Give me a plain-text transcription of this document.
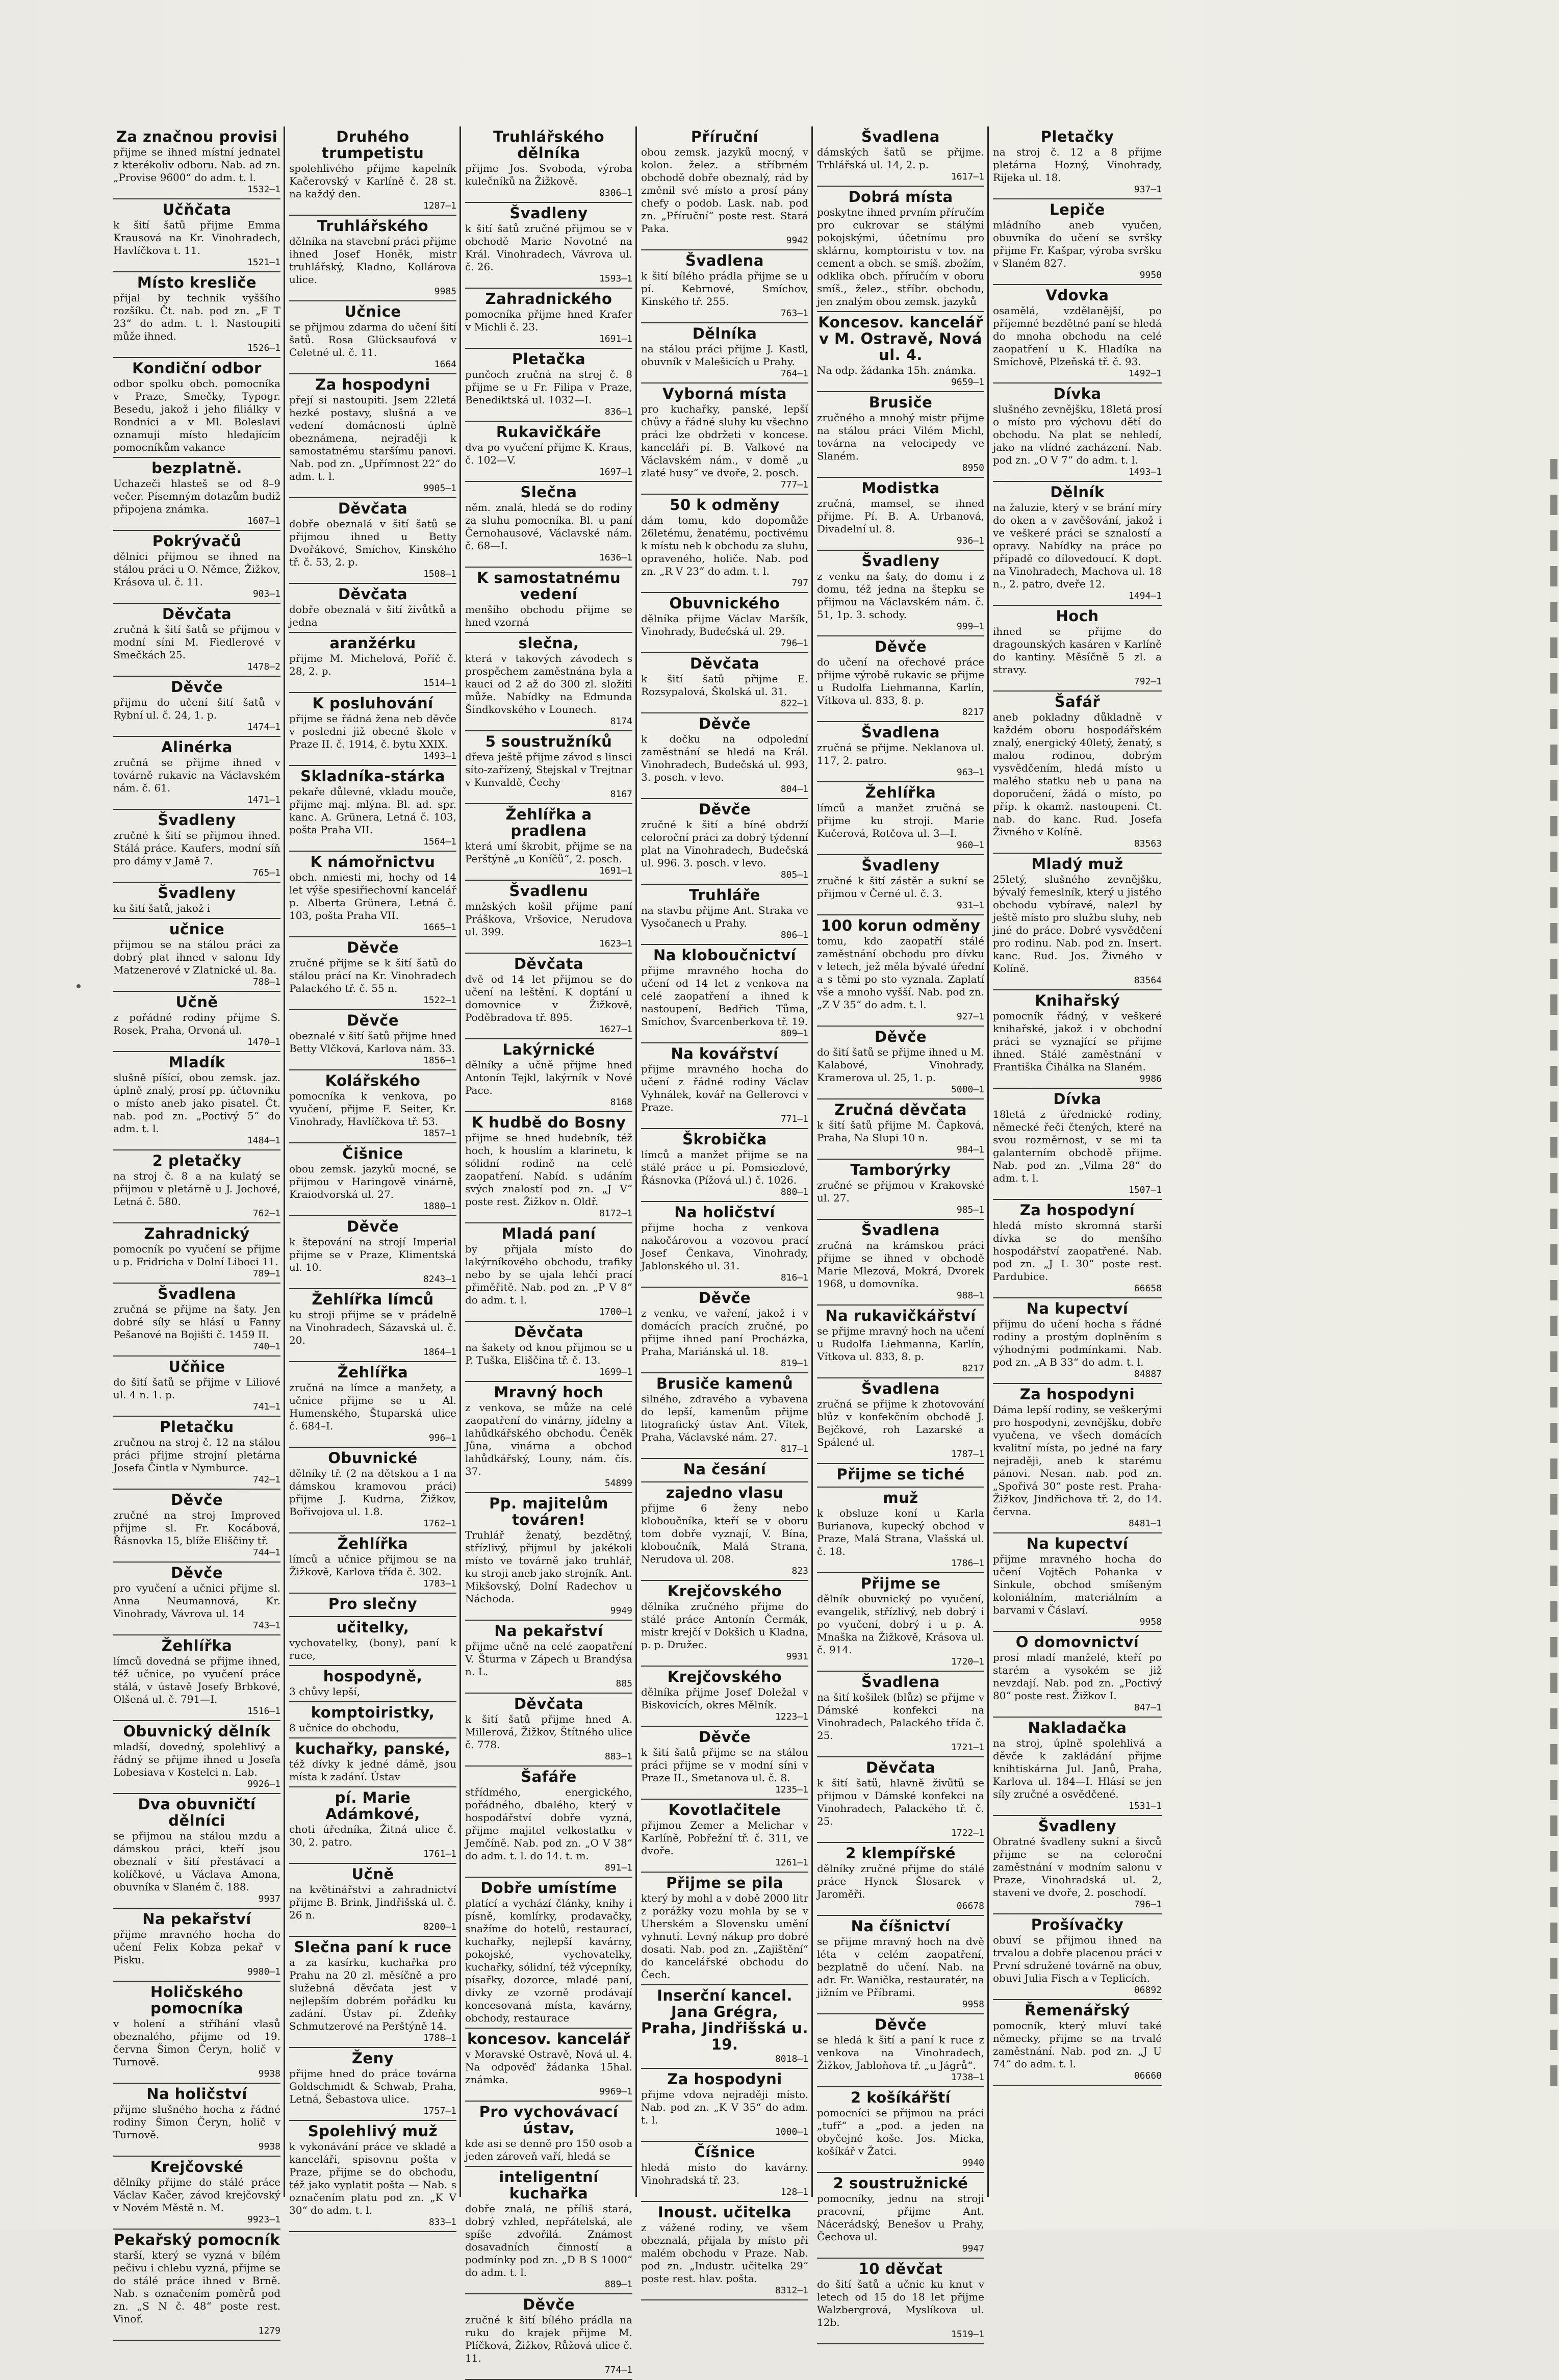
Za značnou provisi

přijme se ihned místní jednatel z kterékoliv odboru. Nab. ad zn. „Provise 9600“ do adm. t. l.

1532—1

Učňčata

k šití šatů přijme Emma Krausová na Kr. Vinohradech, Havlíčkova t. 11.

1521—1

Místo kresliče

přijal by technik vyššího rozšíku. Čt. nab. pod zn. „F T 23“ do adm. t. l. Nastoupiti může ihned.

1526—1

Kondiční odbor

odbor spolku obch. pomocníka v Praze, Smečky, Typogr. Besedu, jakož i jeho filiálky v Rondnici a v Ml. Boleslavi oznamuji místo hledajícím pomocníkům vakance

bezplatně.

Uchazeči hlasteš se od 8–9 večer. Písemným dotazům budiž připojena známka.

1607—1

Pokrývačů

dělníci přijmou se ihned na stálou práci u O. Němce, Žižkov, Krásova ul. č. 11.

903—1

Děvčata

zručná k šití šatů se přijmou v modní síni M. Fiedlerové v Smečkách 25.

1478—2

Děvče

přijmu do učení šití šatů v Rybní ul. č. 24, 1. p.

1474—1

Alinérka

zručná se přijme ihned v továrně rukavic na Václavském nám. č. 61.

1471—1

Švadleny

zručné k šití se přijmou ihned. Stálá práce. Kaufers, modní síň pro dámy v Jamě 7.

765—1

Švadleny

ku šití šatů, jakož i

učnice

přijmou se na stálou práci za dobrý plat ihned v salonu Idy Matzenerové v Zlatnické ul. 8a.

788—1

Učně

z pořádné rodiny přijme S. Rosek, Praha, Orvoná ul.

1470—1

Mladík

slušně píšící, obou zemsk. jaz. úplně znalý, prosí pp. účtovníku o místo aneb jako pisatel. Čt. nab. pod zn. „Poctivý 5“ do adm. t. l.

1484—1

2 pletačky

na stroj č. 8 a na kulatý se přijmou v pletárně u J. Jochové, Letná č. 580.

762—1

Zahradnický

pomocník po vyučení se přijme u p. Fridricha v Dolní Liboci 11.

789—1

Švadlena

zručná se přijme na šaty. Jen dobré síly se hlásí u Fanny Pešanové na Bojišti č. 1459 II.

740—1

Učňice

do šití šatů se přijme v Liliové ul. 4 n. 1. p.

741—1

Pletačku

zručnou na stroj č. 12 na stálou práci přijme strojní pletárna Josefa Čintla v Nymburce.

742—1

Děvče

zručné na stroj Improved přijme sl. Fr. Kocábová, Řásnovka 15, blíže Eliščiny tř.

744—1

Děvče

pro vyučení a učnici přijme sl. Anna Neumannová, Kr. Vinohrady, Vávrova ul. 14

743—1

Žehlířka

límců dovedná se přijme ihned, též učnice, po vyučení práce stálá, v ústavě Josefy Brbkové, Olšená ul. č. 791—I.

1516—1

Obuvnický dělník

mladší, dovedný, spolehlivý a řádný se přijme ihned u Josefa Lobesiava v Kostelci n. Lab.

9926—1

Dva obuvničtí dělníci

se přijmou na stálou mzdu a dámskou práci, kteří jsou obeznalí v šití přestávací a kolíčkové, u Václava Amona, obuvníka v Slaném č. 188.

9937

Na pekařství

přijme mravného hocha do učení Felix Kobza pekař v Pisku.

9980—1

Holičského pomocníka

v holení a stříhání vlasů obeznalého, přijme od 19. června Šimon Čeryn, holič v Turnově.

9938

Na holičství

přijme slušného hocha z řádné rodiny Šimon Čeryn, holič v Turnově.

9938

Krejčovské

dělníky přijme do stálé práce Václav Kačer, závod krejčovský v Novém Městě n. M.

9923—1

Pekařský pomocník

starší, který se vyzná v bílém pečivu i chlebu vyzná, přijme se do stálé práce ihned v Brně. Nab. s označením poměrů pod zn. „S N č. 48“ poste rest. Vinoř.

1279

Druhého trumpetistu

spolehlivého přijme kapelník Kačerovský v Karlíně č. 28 st. na každý den.

1287—1

Truhlářského

dělníka na stavební práci přijme ihned Josef Honěk, mistr truhlářský, Kladno, Kollárova ulice.

9985

Učnice

se přijmou zdarma do učení šití šatů. Rosa Glücksaufová v Celetné ul. č. 11.

1664

Za hospodyni

přejí si nastoupiti. Jsem 22letá hezké postavy, slušná a ve vedení domácnosti úplně obeznámena, nejraději k samostatnému staršímu panovi. Nab. pod zn. „Upřímnost 22“ do adm. t. l.

9905—1

Děvčata

dobře obeznalá v šití šatů se přijmou ihned u Betty Dvořákové, Smíchov, Kinského tř. č. 53, 2. p.

1508—1

Děvčata

dobře obeznalá v šití živůtků a jedna

aranžérku

přijme M. Michelová, Poříč č. 28, 2. p.

1514—1

K posluhování

přijme se řádná žena neb děvče v poslední již obecné škole v Praze II. č. 1914, č. bytu XXIX.

1493—1

Skladníka-stárka

pekaře důlevné, vkladu mouče, přijme maj. mlýna. Bl. ad. spr. kanc. A. Grünera, Letná č. 103, pošta Praha VII.

1564—1

K námořnictvu

obch. nmiesti mi, hochy od 14 let výše spesiřiechovní kancelář p. Alberta Grünera, Letná č. 103, pošta Praha VII.

1665—1

Děvče

zručné přijme se k šití šatů do stálou prácí na Kr. Vinohradech Palackého tř. č. 55 n.

1522—1

Děvče

obeznalé v šití šatů přijme hned Betty Vlčková, Karlova nám. 33.

1856—1

Kolářského

pomocníka k venkova, po vyučení, přijme F. Seiter, Kr. Vinohrady, Havlíčkova tř. 53.

1857—1

Čišnice

obou zemsk. jazyků mocné, se přijmou v Haringově vinárně, Kraiodvorská ul. 27.

1880—1

Děvče

k štepování na strojí Imperial přijme se v Praze, Klimentská ul. 10.

8243—1

Žehlířka límců

ku stroji přijme se v prádelně na Vinohradech, Sázavská ul. č. 20.

1864—1

Žehlířka

zručná na límce a manžety, a učnice přijme se u Al. Humenského, Štuparská ulice č. 684–I.

996—1

Obuvnické

dělníky tř. (2 na dětskou a 1 na dámskou kramovou práci) přijme J. Kudrna, Žižkov, Bořivojova ul. 1.8.

1762—1

Žehlířka

límců a učnice přijmou se na Žižkově, Karlova třída č. 302.

1783—1

Pro slečny
učitelky,

vychovatelky, (bony), paní k ruce,

hospodyně,

3 chůvy lepší,

komptoiristky,

8 učnice do obchodu,

kuchařky, panské,

též dívky k jedné dámě, jsou místa k zadání. Ústav

pí. Marie Adámkové,

choti úředníka, Žitná ulice č. 30, 2. patro.

1761—1

Učně

na květinářství a zahradnictví přijme B. Brink, Jindřišská ul. č. 26 n.

8200—1

Slečna paní k ruce

a za kasírku, kuchařka pro Prahu na 20 zl. měsíčně a pro služebná děvčata jest v nejlepším dobrém pořádku ku zadání. Ústav pí. Zdeňky Schmutzerové na Perštýně 14.

1788—1

Ženy

přijme hned do práce továrna Goldschmidt & Schwab, Praha, Letná, Šebastova ulice.

1757—1

Spolehlivý muž

k vykonávání práce ve skladě a kanceláři, spisovnu pošta v Praze, přijme se do obchodu, též jako vyplatit pošta — Nab. s označením platu pod zn. „K V 30“ do adm. t. l.

833—1

Truhlářského dělníka

přijme Jos. Svoboda, výroba kulečníků na Žižkově.

8306—1

Švadleny

k šití šatů zručné přijmou se v obchodě Marie Novotné na Král. Vinohradech, Vávrova ul. č. 26.

1593—1

Zahradnického

pomocníka přijme hned Krafer v Michli č. 23.

1691—1

Pletačka

punčoch zručná na stroj č. 8 přijme se u Fr. Filipa v Praze, Benediktská ul. 1032—I.

836—1

Rukavičkáře

dva po vyučení přijme K. Kraus, č. 102—V.

1697—1

Slečna

něm. znalá, hledá se do rodiny za sluhu pomocníka. Bl. u paní Černohausové, Václavské nám. č. 68—I.

1636—1

K samostatnému vedení

menšího obchodu přijme se hned vzorná

slečna,

která v takových závodech s prospěchem zaměstnána byla a kauci od 2 až do 300 zl. složiti může. Nabídky na Edmunda Šindkovského v Lounech.

8174

5 soustružníků

dřeva ještě přijme závod s linsci síto-zařízený, Stejskal v Trejtnar v Kunvaldě, Čechy

8167

Žehlířka a pradlena

která umí škrobit, přijme se na Perštýně „u Koníčů“, 2. posch.

1691—1

Švadlenu

mnžských košil přijme paní Práškova, Vršovice, Nerudova ul. 399.

1623—1

Děvčata

dvě od 14 let přijmou se do učení na leštění. K doptání u domovnice v Žižkově, Poděbradova tř. 895.

1627—1

Lakýrnické

dělníky a učně přijme hned Antonín Tejkl, lakýrník v Nové Pace.

8168

K hudbě do Bosny

přijme se hned hudebník, též hoch, k houslím a klarinetu, k sólidní rodině na celé zaopatření. Nabíd. s udáním svých znalostí pod zn. „J V“ poste rest. Žižkov n. Oldř.

8172—1

Mladá paní

by přijala místo do lakýrníkového obchodu, trafiky nebo by se ujala lehčí prací přiměřitě. Nab. pod zn. „P V 8“ do adm. t. l.

1700—1

Děvčata

na šakety od knou přijmou se u P. Tuška, Eliščina tř. č. 13.

1699—1

Mravný hoch

z venkova, se může na celé zaopatření do vinárny, jídelny a lahůdkářského obchodu. Čeněk Jůna, vinárna a obchod lahůdkářský, Louny, nám. čís. 37.

54899

Pp. majitelům továren!

Truhlář ženatý, bezdětný, střízlivý, přijmul by jakékoli místo ve továrně jako truhlář, ku stroji aneb jako strojník. Ant. Mikšovský, Dolní Radechov u Náchoda.

9949

Na pekařství

přijme učně na celé zaopatření V. Šturma v Zápech u Brandýsa n. L.

885

Děvčata

k šití šatů přijme hned A. Millerová, Žižkov, Štítného ulice č. 778.

883—1

Šafáře

střídmého, energického, pořádného, dbalého, který v hospodářství dobře vyzná, přijme majitel velkostatku v Jemčíně. Nab. pod zn. „O V 38“ do adm. t. l. do 14. t. m.

891—1

Dobře umístíme

platící a vychází články, knihy i písně, komlírky, prodavačky, snažíme do hotelů, restaurací, kuchařky, nejlepší kavárny, pokojské, vychovatelky, kuchařky, sólidní, též výcepníky, písařky, dozorce, mladé paní, dívky ze vzorně prodávají koncesovaná místa, kavárny, obchody, restaurace

koncesov. kancelář

v Moravské Ostravě, Nová ul. 4. Na odpověď žádanka 15hal. známka.

9969—1

Pro vychovávací ústav,

kde asi se denně pro 150 osob a jeden zároveň vaří, hledá se

inteligentní kuchařka

dobře znalá, ne příliš stará, dobrý vzhled, nepřátelská, ale spíše zdvořilá. Známost dosavadních činností a podmínky pod zn. „D B S 1000“ do adm. t. l.

889—1

Děvče

zručné k šití bílého prádla na ruku do krajek přijme M. Plíčková, Žižkov, Růžová ulice č. 11.

774—1

Příruční

obou zemsk. jazyků mocný, v kolon. želez. a stříbrném obchodě dobře obeznalý, rád by změnil své místo a prosí pány chefy o podob. Lask. nab. pod zn. „Příruční“ poste rest. Stará Paka.

9942

Švadlena

k šití bílého prádla přijme se u pí. Kebrnové, Smíchov, Kinského tř. 255.

763—1

Dělníka

na stálou práci přijme J. Kastl, obuvník v Malešicích u Prahy.

764—1

Vyborná místa

pro kuchařky, panské, lepší chůvy a řádné sluhy ku všechno práci lze obdržeti v koncese. kanceláři pí. B. Valkové na Václavském nám., v domě „u zlaté husy“ ve dvoře, 2. posch.

777—1

50 k odměny

dám tomu, kdo dopomůže 26letému, ženatému, poctivému k místu neb k obchodu za sluhu, opraveného, holiče. Nab. pod zn. „R V 23“ do adm. t. l.

797

Obuvnického

dělníka přijme Václav Maršík, Vinohrady, Budečská ul. 29.

796—1

Děvčata

k šití šatů přijme E. Rozsypalová, Školská ul. 31.

822—1

Děvče

k dočku na odpolední zaměstnání se hledá na Král. Vinohradech, Budečská ul. 993, 3. posch. v levo.

804—1

Děvče

zručné k šití a bíné obdrží celoroční práci za dobrý týdenní plat na Vinohradech, Budečská ul. 996. 3. posch. v levo.

805—1

Truhláře

na stavbu přijme Ant. Straka ve Vysočanech u Prahy.

806—1

Na kloboučnictví

přijme mravného hocha do učení od 14 let z venkova na celé zaopatření a ihned k nastoupení, Bedřich Tůma, Smíchov, Švarcenberkova tř. 19.

809—1

Na kovářství

přijme mravného hocha do učení z řádné rodiny Václav Vyhnálek, kovář na Gellerovci v Praze.

771—1

Škrobička

límců a manžet přijme se na stálé práce u pí. Pomsiezlové, Řásnovka (Pížová ul.) č. 1026.

880—1

Na holičství

přijme hocha z venkova nakočárovou a vozovou prací Josef Čenkava, Vinohrady, Jablonského ul. 31.

816—1

Děvče

z venku, ve vaření, jakož i v domácích pracích zručné, po přijme ihned paní Procházka, Praha, Mariánská ul. 18.

819—1

Brusiče kamenů

silného, zdravého a vybavena do lepší, kamenům přijme litografický ústav Ant. Vítek, Praha, Václavské nám. 27.

817—1

Na česání
zajedno vlasu

přijme 6 ženy nebo kloboučníka, kteří se v oboru tom dobře vyznají, V. Bína, kloboučník, Malá Strana, Nerudova ul. 208.

823

Krejčovského

dělníka zručného přijme do stálé práce Antonín Čermák, mistr krejčí v Dokšich u Kladna, p. p. Družec.

9931

Krejčovského

dělníka přijme Josef Doležal v Biskovicích, okres Mělník.

1223—1

Děvče

k šití šatů přijme se na stálou práci přijme se v modní síni v Praze II., Smetanova ul. č. 8.

1235—1

Kovotlačitele

přijmou Zemer a Melichar v Karlíně, Pobřežní tř. č. 311, ve dvoře.

1261—1

Přijme se pila

který by mohl a v době 2000 litr z porážky vozu mohla by se v Uherském a Slovensku umění vyhnutí. Levný nákup pro dobré dosati. Nab. pod zn. „Zajištění“ do kancelářské obchodu do Čech.

Inserční kancel. Jana Grégra, Praha, Jindřišská u. 19.

8018—1

Za hospodyni

přijme vdova nejraději místo. Nab. pod zn. „K V 35“ do adm. t. l.

1000—1

Číšnice

hledá místo do kavárny. Vinohradská tř. 23.

128—1

Inoust. učitelka

z vážené rodiny, ve všem obeznalá, přijala by místo při malém obchodu v Praze. Nab. pod zn. „Industr. učitelka 29“ poste rest. hlav. pošta.

8312—1

Švadlena

dámských šatů se přijme. Trhlářská ul. 14, 2. p.

1617—1

Dobrá místa

poskytne ihned prvním příručím pro cukrovar se stálými pokojskými, účetnímu pro sklárnu, komptoiristu v tov. na cement a obch. se smíš. zbožím, odklika obch. příručím v oboru smíš., želez., stříbr. obchodu, jen znalým obou zemsk. jazyků

Koncesov. kancelář v M. Ostravě, Nová ul. 4.

Na odp. žádanka 15h. známka.

9659—1

Brusiče

zručného a mnohý mistr přijme na stálou práci Vilém Michl, továrna na velocipedy ve Slaném.

8950

Modistka

zručná, mamsel, se ihned přijme. Pí. B. A. Urbanová, Divadelní ul. 8.

936—1

Švadleny

z venku na šaty, do domu i z domu, též jedna na štepku se přijmou na Václavském nám. č. 51, 1p. 3. schody.

999—1

Děvče

do učení na ořechové práce přijme výrobě rukavic se přijme u Rudolfa Liehmanna, Karlín, Vítkova ul. 833, 8. p.

8217

Švadlena

zručná se přijme. Neklanova ul. 117, 2. patro.

963—1

Žehlířka

límců a manžet zručná se přijme ku stroji. Marie Kučerová, Rotčova ul. 3—I.

960—1

Švadleny

zručné k šití zástěr a sukní se přijmou v Černé ul. č. 3.

931—1

100 korun odměny

tomu, kdo zaopatří stálé zaměstnání obchodu pro dívku v letech, jež měla bývalé úřední a s těmi po sto vyznala. Zaplatí vše a mnoho vyšší. Nab. pod zn. „Z V 35“ do adm. t. l.

927—1

Děvče

do šití šatů se přijme ihned u M. Kalabové, Vinohrady, Kramerova ul. 25, 1. p.

5000—1

Zručná děvčata

k šití šatů přijme M. Čapková, Praha, Na Slupi 10 n.

984—1

Tamborýrky

zručné se přijmou v Krakovské ul. 27.

985—1

Švadlena

zručná na krámskou práci přijme se ihned v obchodě Marie Mlezová, Mokrá, Dvorek 1968, u domovníka.

988—1

Na rukavičkářství

se přijme mravný hoch na učení u Rudolfa Liehmanna, Karlín, Vítkova ul. 833, 8. p.

8217

Švadlena

zručná se přijme k zhotovování blůz v konfekčním obchodě J. Bejčkové, roh Lazarské a Spálené ul.

1787—1

Přijme se tiché
muž

k obsluze koní u Karla Burianova, kupecký obchod v Praze, Malá Strana, Vlašská ul. č. 18.

1786—1

Přijme se

dělník obuvnický po vyučení, evangelik, střízlivý, neb dobrý i po vyučení, dobrý i u p. A. Mnaška na Žižkově, Krásova ul. č. 914.

1720—1

Švadlena

na šití košilek (blůz) se přijme v Dámské konfekci na Vinohradech, Palackého třída č. 25.

1721—1

Děvčata

k šití šatů, hlavně živůtů se přijmou v Dámské konfekci na Vinohradech, Palackého tř. č. 25.

1722—1

2 klempířské

dělníky zručné přijme do stálé práce Hynek Šlosarek v Jaroměři.

06678

Na číšnictví

se přijme mravný hoch na dvě léta v celém zaopatření, bezplatně do učení. Nab. na adr. Fr. Wanička, restauratér, na jižním ve Příbrami.

9958

Děvče

se hledá k šití a paní k ruce z venkova na Vinohradech, Žižkov, Jabloňova tř. „u Jágrů“.

1738—1

2 košíkářští

pomocníci se přijmou na práci „tufř“ a „pod. a jeden na obyčejné koše. Jos. Micka, košíkář v Žatci.

9940

2 soustružnické

pomocníky, jednu na stroji pracovní, přijme Ant. Nácerádský, Benešov u Prahy, Čechova ul.

9947

10 děvčat

do šití šatů a učnic ku knut v letech od 15 do 18 let přijme Walzbergrová, Myslíkova ul. 12b.

1519—1

Pletačky

na stroj č. 12 a 8 přijme pletárna Hozný, Vinohrady, Rijeka ul. 18.

937—1

Lepiče

mládního aneb vyučen, obuvníka do učení se svršky přijme Fr. Kašpar, výroba svršku v Slaném 827.

9950

Vdovka

osamělá, vzdělanější, po příjemné bezdětné paní se hledá do mnoha obchodu na celé zaopatření u K. Hladíka na Smíchově, Plzeňská tř. č. 93.

1492—1

Dívka

slušného zevnějšku, 18letá prosí o místo pro výchovu dětí do obchodu. Na plat se nehledí, jako na vlídné zacházení. Nab. pod zn. „O V 7“ do adm. t. l.

1493—1

Dělník

na žaluzie, který v se brání míry do oken a v zavěšování, jakož i ve veškeré práci se sznalostí a opravy. Nabídky na práce po případě co dílovedoucí. K dopt. na Vinohradech, Machova ul. 18 n., 2. patro, dveře 12.

1494—1

Hoch

ihned se přijme do dragounských kasáren v Karlíně do kantiny. Měsíčně 5 zl. a stravy.

792—1

Šafář

aneb pokladny důkladně v každém oboru hospodářském znalý, energický 40letý, ženatý, s malou rodinou, dobrým vysvědčením, hledá místo u malého statku neb u pana na doporučení, žádá o místo, po příp. k okamž. nastoupení. Ct. nab. do kanc. Rud. Josefa Živného v Kolíně.

83563

Mladý muž

25letý, slušného zevnějšku, bývalý řemeslník, který u jistého obchodu vybíravé, nalezl by ještě místo pro službu sluhy, neb jiné do práce. Dobré vysvědčení pro rodinu. Nab. pod zn. Insert. kanc. Rud. Jos. Živného v Kolíně.

83564

Knihařský

pomocník řádný, v veškeré knihařské, jakož i v obchodní práci se vyznající se přijme ihned. Stálé zaměstnání v Františka Čihálka na Slaném.

9986

Dívka

18letá z úřednické rodiny, německé řeči čtených, které na svou rozměrnost, v se mi ta galanterním obchodě přijme. Nab. pod zn. „Vilma 28“ do adm. t. l.

1507—1

Za hospodyní

hledá místo skromná starší dívka se do menšího hospodářství zaopatřené. Nab. pod zn. „J L 30“ poste rest. Pardubice.

66658

Na kupectví

přijmu do učení hocha s řádné rodiny a prostým doplněním s výhodnými podmínkami. Nab. pod zn. „A B 33“ do adm. t. l.

84887

Za hospodyni

Dáma lepší rodiny, se veškerými pro hospodyni, zevnějšku, dobře vyučena, ve všech domácích kvalitní místa, po jedné na fary nejraději, aneb k starému pánovi. Nesan. nab. pod zn. „Spořivá 30“ poste rest. Praha-Žižkov, Jindřichova tř. 2, do 14. června.

8481—1

Na kupectví

přijme mravného hocha do učení Vojtěch Pohanka v Sinkule, obchod smíšeným koloniálním, materiálním a barvami v Čáslaví.

9958

O domovnictví

prosí mladí manželé, kteří po starém a vysokém se již nevzdají. Nab. pod zn. „Poctivý 80“ poste rest. Žižkov I.

847—1

Nakladačka

na stroj, úplně spolehlivá a děvče k zakládání přijme knihtiskárna Jul. Janů, Praha, Karlova ul. 184—I. Hlásí se jen síly zručné a osvědčené.

1531—1

Švadleny

Obratné švadleny sukní a šivců přijme se na celoroční zaměstnání v modním salonu v Praze, Vinohradská ul. 2, staveni ve dvoře, 2. poschodí.

796—1

Prošívačky

obuví se přijmou ihned na trvalou a dobře placenou práci v První sdružené továrně na obuv, obuvi Julia Fisch a v Teplicích.

06892

Řemenářský

pomocník, který mluví také německy, přijme se na trvalé zaměstnání. Nab. pod zn. „J U 74“ do adm. t. l.

06660
